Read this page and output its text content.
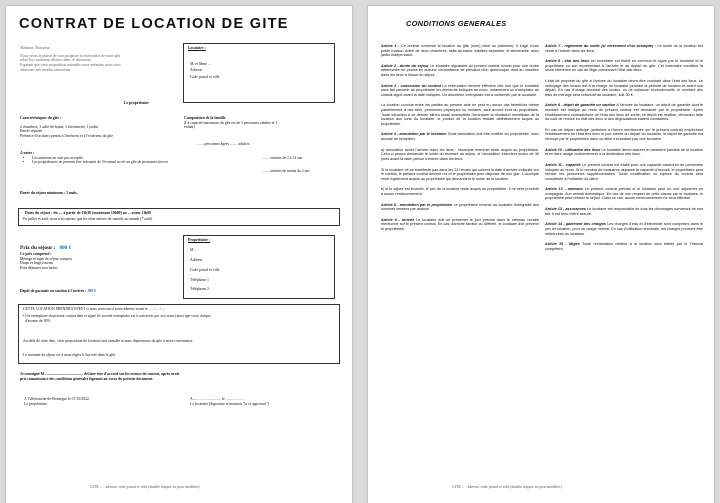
CONTRAT DE LOCATION DE GITE
Madame, Monsieur,
Nous avons le plaisir de vous proposer la réservation de notre gîte
selon les conditions décrites dans ce document.
Espérant que cette proposition retiendra votre attention, nous vous
adressons nos amitiés salutations.
Le propriétaire
Locataire :
M. et Mme ...
Adresse
Code postal et ville
Caractéristiques du gîte :
2 chambres, 1 salle-de-bains, 1 kitchenette, 1 jardin
Entrée séparée
Présence d'escaliers pentus à l'intérieur et à l'extérieur du gîte
Composition de la famille
(La capacité maximum du gîte est de 3 personnes adultes et 1
enfant)
........ personnes âgées ........ adultes
........ enfants de 2 à 14 ans
........ enfants de moins de 2 ans
A noter :
• Les animaux ne sont pas acceptés
• Les propriétaires ne peuvent être informés de l'éventuel accès au gîte de personnes tierces
Durée du séjour minimum : 3 nuits.
Dates du séjour : du .... à partir de 15h30 (maximum 19h00) au ... avant 11h00
En juillet et août, nous n'acceptons que les réservations du samedi au samedi (* août)
Prix du séjour : 800 €
Ce prix comprend :
Ménage et tapis de séjour compris
Draps et linge fournis
Petit déjeuner non inclus
Propriétaire :
M. ...
Adresse
Code postal et ville
Téléphone 1
Téléphone 2
Dépôt de garantie ou caution à l'arrivée : 300 €
CETTE LOCATION PRENDRA EFFET si nous recevons à notre adresse avant le .... / .... / ....
• Un exemplaire du présent contrat daté et signé (le second exemplaire est à conserver par vos soins) ainsi que votre chèque
d'avance de 30%
Au-delà de cette date, cette proposition de location sera annulée et nous disposerons du gîte à notre convenance.
Le montant du séjour est à nous régler à l'arrivée dans le gîte.
Je soussigné M ........................................ déclare être d'accord sur les termes du contrat, après avoir
pris connaissance des conditions générales figurant au verso du présent document.
A Villefranche-de-Rouergue le 07/10/2022
Le propriétaire,
A ............................, le ....................
Le locataire (Signature et mention "lu et approuvé")
GITE ... - adresse, code postal et ville (double cliquez ici pour modifier)
CONDITIONS GENERALES
Article 1 - Ce contrat concerne la location du gîte (nom) situé au (adresse). Il s'agit d'une petite maison dotée de deux chambres, salle-de-bains, toilettes séparées, et kitchenette, avec jardin indépendant.
Article 2 - durée du séjour Le locataire signataire du présent contrat conclu pour une durée déterminée ne pourra en aucune circonstance se prévaloir d'un quelconque droit au maintien dans les lieux à l'issue du séjour.
Article 3 - conclusion du contrat La réservation devient effective dès lors que le locataire aura fait parvenir au propriétaire les éléments indiqués au recto, notamment un exemplaire du contrat signé avant la date indiquée. Un deuxième exemplaire est à conserver par le locataire.
La location conclue entre les parties au présent acte ne peut en aucun cas bénéficier même partiellement à des tiers, personnes physiques ou morales, sauf accord écrit du propriétaire. Toute infraction à ce dernier alinéa serait susceptible d'entraîner la résiliation immédiate de la location aux torts du locataire, le produit de la location restant définitivement acquis au propriétaire.
Article 4 - annulation par le locataire Toute annulation doit être notifiée au propriétaire, avec accusé de réception.
a) annulation avant l'arrivée dans les lieux : l'acompte éventuel reste acquis au propriétaire. Celui-ci pourra demander le solde du montant du séjour, si l'annulation intervient moins de 30 jours avant la date prévue d'entrée dans les lieux.
Si le locataire ne se manifeste pas dans les 24 heures qui suivent la date d'arrivée indiquée sur le contrat, le présent contrat devient nul et le propriétaire peut disposer de son gîte. L'acompte reste également acquis au propriétaire qui demandera le solde de la location.
b) si le séjour est écourté, le prix de la location reste acquis au propriétaire. Il ne sera procédé à aucun remboursement.
Article 5 - annulation par le propriétaire Le propriétaire reverse au locataire l'intégralité des sommes versées par avance.
Article 6 - arrivée Le locataire doit se présenter le jour précisé dans le créneau horaire mentionné sur le présent contrat. En cas d'arrivée tardive ou différée, le locataire doit prévenir le propriétaire.
Article 7 - règlement du solde (si versement d'un acompte) : Le solde de la location est versé à l'entrée dans les lieux.
Article 8 - état des lieux Un inventaire est établi en commun et signé par le locataire et le propriétaire ou son représentant à l'arrivée et au départ du gîte. Cet inventaire constitue la seule référence en cas de litige concernant l'état des lieux.
L'état de propreté du gîte à l'arrivée du locataire devra être constaté dans l'état des lieux. Le nettoyage des locaux est à la charge du locataire pendant la période de location et avant son départ. En cas d'usage anormal des locaux, ou de salissure exceptionnelle, le montant des frais de ménage sera refacturé au locataire, soit 30 €.
Article 9 - dépôt de garantie ou caution A l'arrivée du locataire, un dépôt de garantie dont le montant est indiqué au recto du présent contrat est demandé par le propriétaire. Après l'établissement contradictoire de l'état des lieux de sortie, ce dépôt est restitué, déduction faite du coût de remise en état des lieux si des dégradations étaient constatées.
En cas de départ anticipé (antérieur à l'heure mentionnée sur le présent contrat) empêchant l'établissement de l'état des lieux le jour même du départ du locataire, le dépôt de garantie est renvoyé par le propriétaire dans un délai n'excédant pas une semaine.
Article 10 - utilisation des lieux Le locataire devra assurer le caractère paisible de la location et en faire usage conformément à la destination des lieux.
Article 11 - capacité Le présent contrat est établi pour une capacité maximum de personnes indiquée au recto. Si le nombre de locataires dépasse la capacité d'accueil, le propriétaire peut refuser les personnes supplémentaires. Toute modification ou rupture du contrat sera considérée à l'initiative du client.
Article 12 - animaux Le présent contrat précise si le locataire peut ou non séjourner en compagnie d'un animal domestique. En cas de non respect de cette clause par le locataire, le propriétaire peut refuser le séjour. Dans ce cas, aucun remboursement ne sera effectué.
Article 13 - assurances Le locataire est responsable de tous les dommages survenant de son fait. Il est tenu d'être assuré.
Article 14 - paiement des charges Les charges d'eau et d'électricité sont comprises dans le prix de location, pour un usage normal. En cas d'utilisation anormale, les charges pourront être refacturées au locataire.
Article 15 - litiges Toute réclamation relative à la location sera traitée par le Tribunal compétent.
GITE ... - adresse, code postal et ville (double cliquez ici pour modifier)
